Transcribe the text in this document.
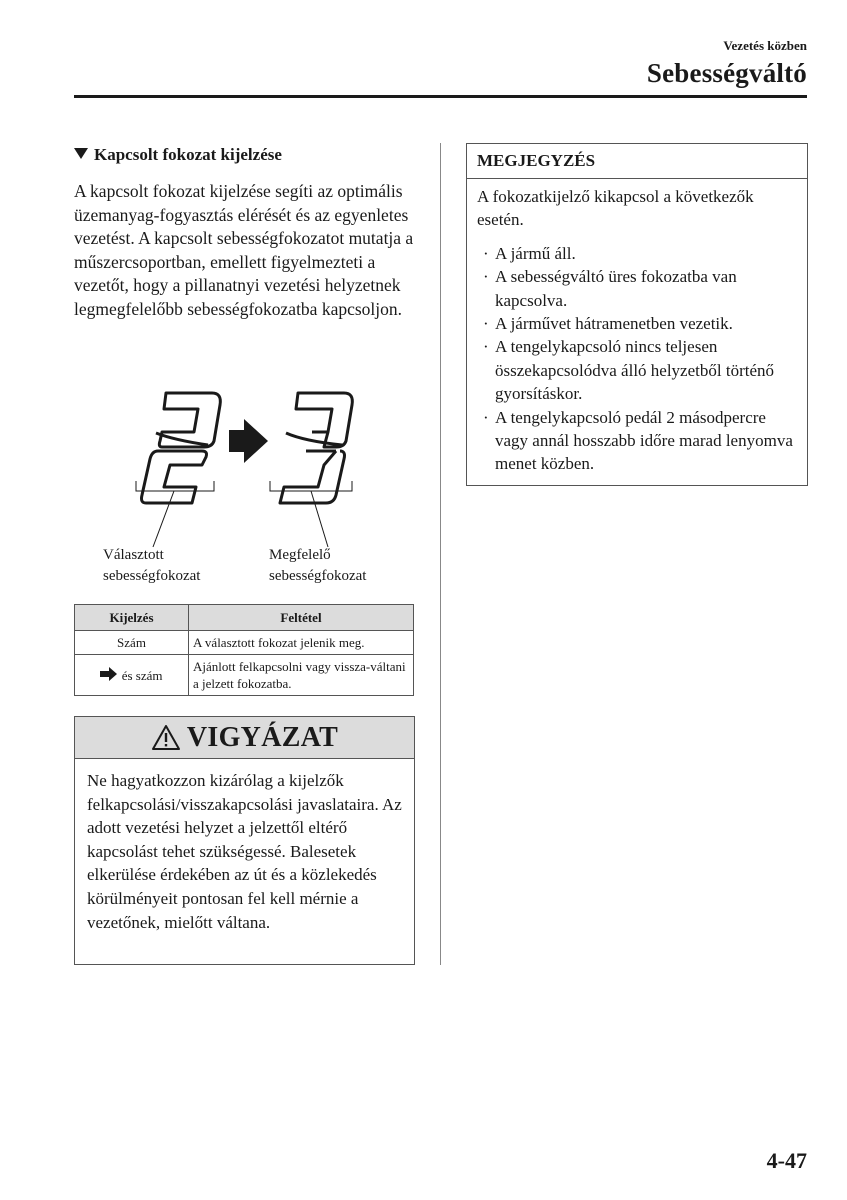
Vezetés közben
Sebességváltó
Kapcsolt fokozat kijelzése
A kapcsolt fokozat kijelzése segíti az optimális üzemanyag-fogyasztás elérését és az egyenletes vezetést. A kapcsolt sebességfokozatot mutatja a műszercsoportban, emellett figyelmezteti a vezetőt, hogy a pillanatnyi vezetési helyzetnek legmegfelelőbb sebességfokozatba kapcsoljon.
Választott
sebességfokozat
Megfelelő
sebességfokozat
Kijelzés	Feltétel
Szám	A választott fokozat jelenik meg.
és szám	Ajánlott felkapcsolni vagy vissza-váltani a jelzett fokozatba.
VIGYÁZAT
Ne hagyatkozzon kizárólag a kijelzők felkapcsolási/visszakapcsolási javaslataira. Az adott vezetési helyzet a jelzettől eltérő kapcsolást tehet szükségessé. Balesetek elkerülése érdekében az út és a közlekedés körülményeit pontosan fel kell mérnie a vezetőnek, mielőtt váltana.
MEGJEGYZÉS
A fokozatkijelző kikapcsol a következők esetén.
· A jármű áll.
· A sebességváltó üres fokozatba van kapcsolva.
· A járművet hátramenetben vezetik.
· A tengelykapcsoló nincs teljesen összekapcsolódva álló helyzetből történő gyorsításkor.
· A tengelykapcsoló pedál 2 másodpercre vagy annál hosszabb időre marad lenyomva menet közben.
4-47
